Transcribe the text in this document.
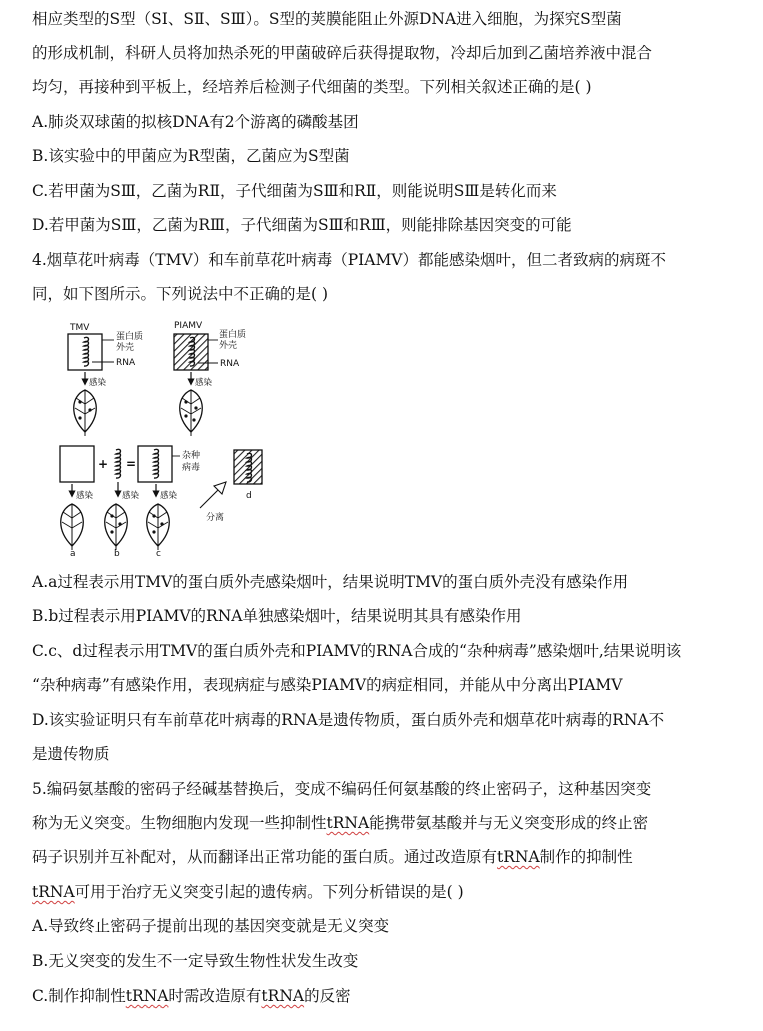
相应类型的S型（SⅠ、SⅡ、SⅢ）。S型的荚膜能阻止外源DNA进入细胞，为探究S型菌
的形成机制，科研人员将加热杀死的甲菌破碎后获得提取物，冷却后加到乙菌培养液中混合
均匀，再接种到平板上，经培养后检测子代细菌的类型。下列相关叙述正确的是( )
A.肺炎双球菌的拟核DNA有2个游离的磷酸基团
B.该实验中的甲菌应为R型菌，乙菌应为S型菌
C.若甲菌为SⅢ，乙菌为RⅡ，子代细菌为SⅢ和RⅡ，则能说明SⅢ是转化而来
D.若甲菌为SⅢ，乙菌为RⅢ，子代细菌为SⅢ和RⅢ，则能排除基因突变的可能
4.烟草花叶病毒（TMV）和车前草花叶病毒（PIAMV）都能感染烟叶，但二者致病的病斑不
同，如下图所示。下列说法中不正确的是( )
TMV
蛋白质
外壳
RNA
感染
PIAMV
蛋白质
外壳
RNA
感染
+ =
杂种
病毒
d
感染	感染 感染
分离
a	b	c
A.a过程表示用TMV的蛋白质外壳感染烟叶，结果说明TMV的蛋白质外壳没有感染作用
B.b过程表示用PIAMV的RNA单独感染烟叶，结果说明其具有感染作用
C.c、d过程表示用TMV的蛋白质外壳和PIAMV的RNA合成的“杂种病毒”感染烟叶,结果说明该
“杂种病毒”有感染作用，表现病症与感染PIAMV的病症相同，并能从中分离出PIAMV
D.该实验证明只有车前草花叶病毒的RNA是遗传物质，蛋白质外壳和烟草花叶病毒的RNA不
是遗传物质
5.编码氨基酸的密码子经碱基替换后，变成不编码任何氨基酸的终止密码子，这种基因突变
称为无义突变。生物细胞内发现一些抑制性tRNA能携带氨基酸并与无义突变形成的终止密
码子识别并互补配对，从而翻译出正常功能的蛋白质。通过改造原有tRNA制作的抑制性
tRNA可用于治疗无义突变引起的遗传病。下列分析错误的是( )
A.导致终止密码子提前出现的基因突变就是无义突变
B.无义突变的发生不一定导致生物性状发生改变
C.制作抑制性tRNA时需改造原有tRNA的反密
